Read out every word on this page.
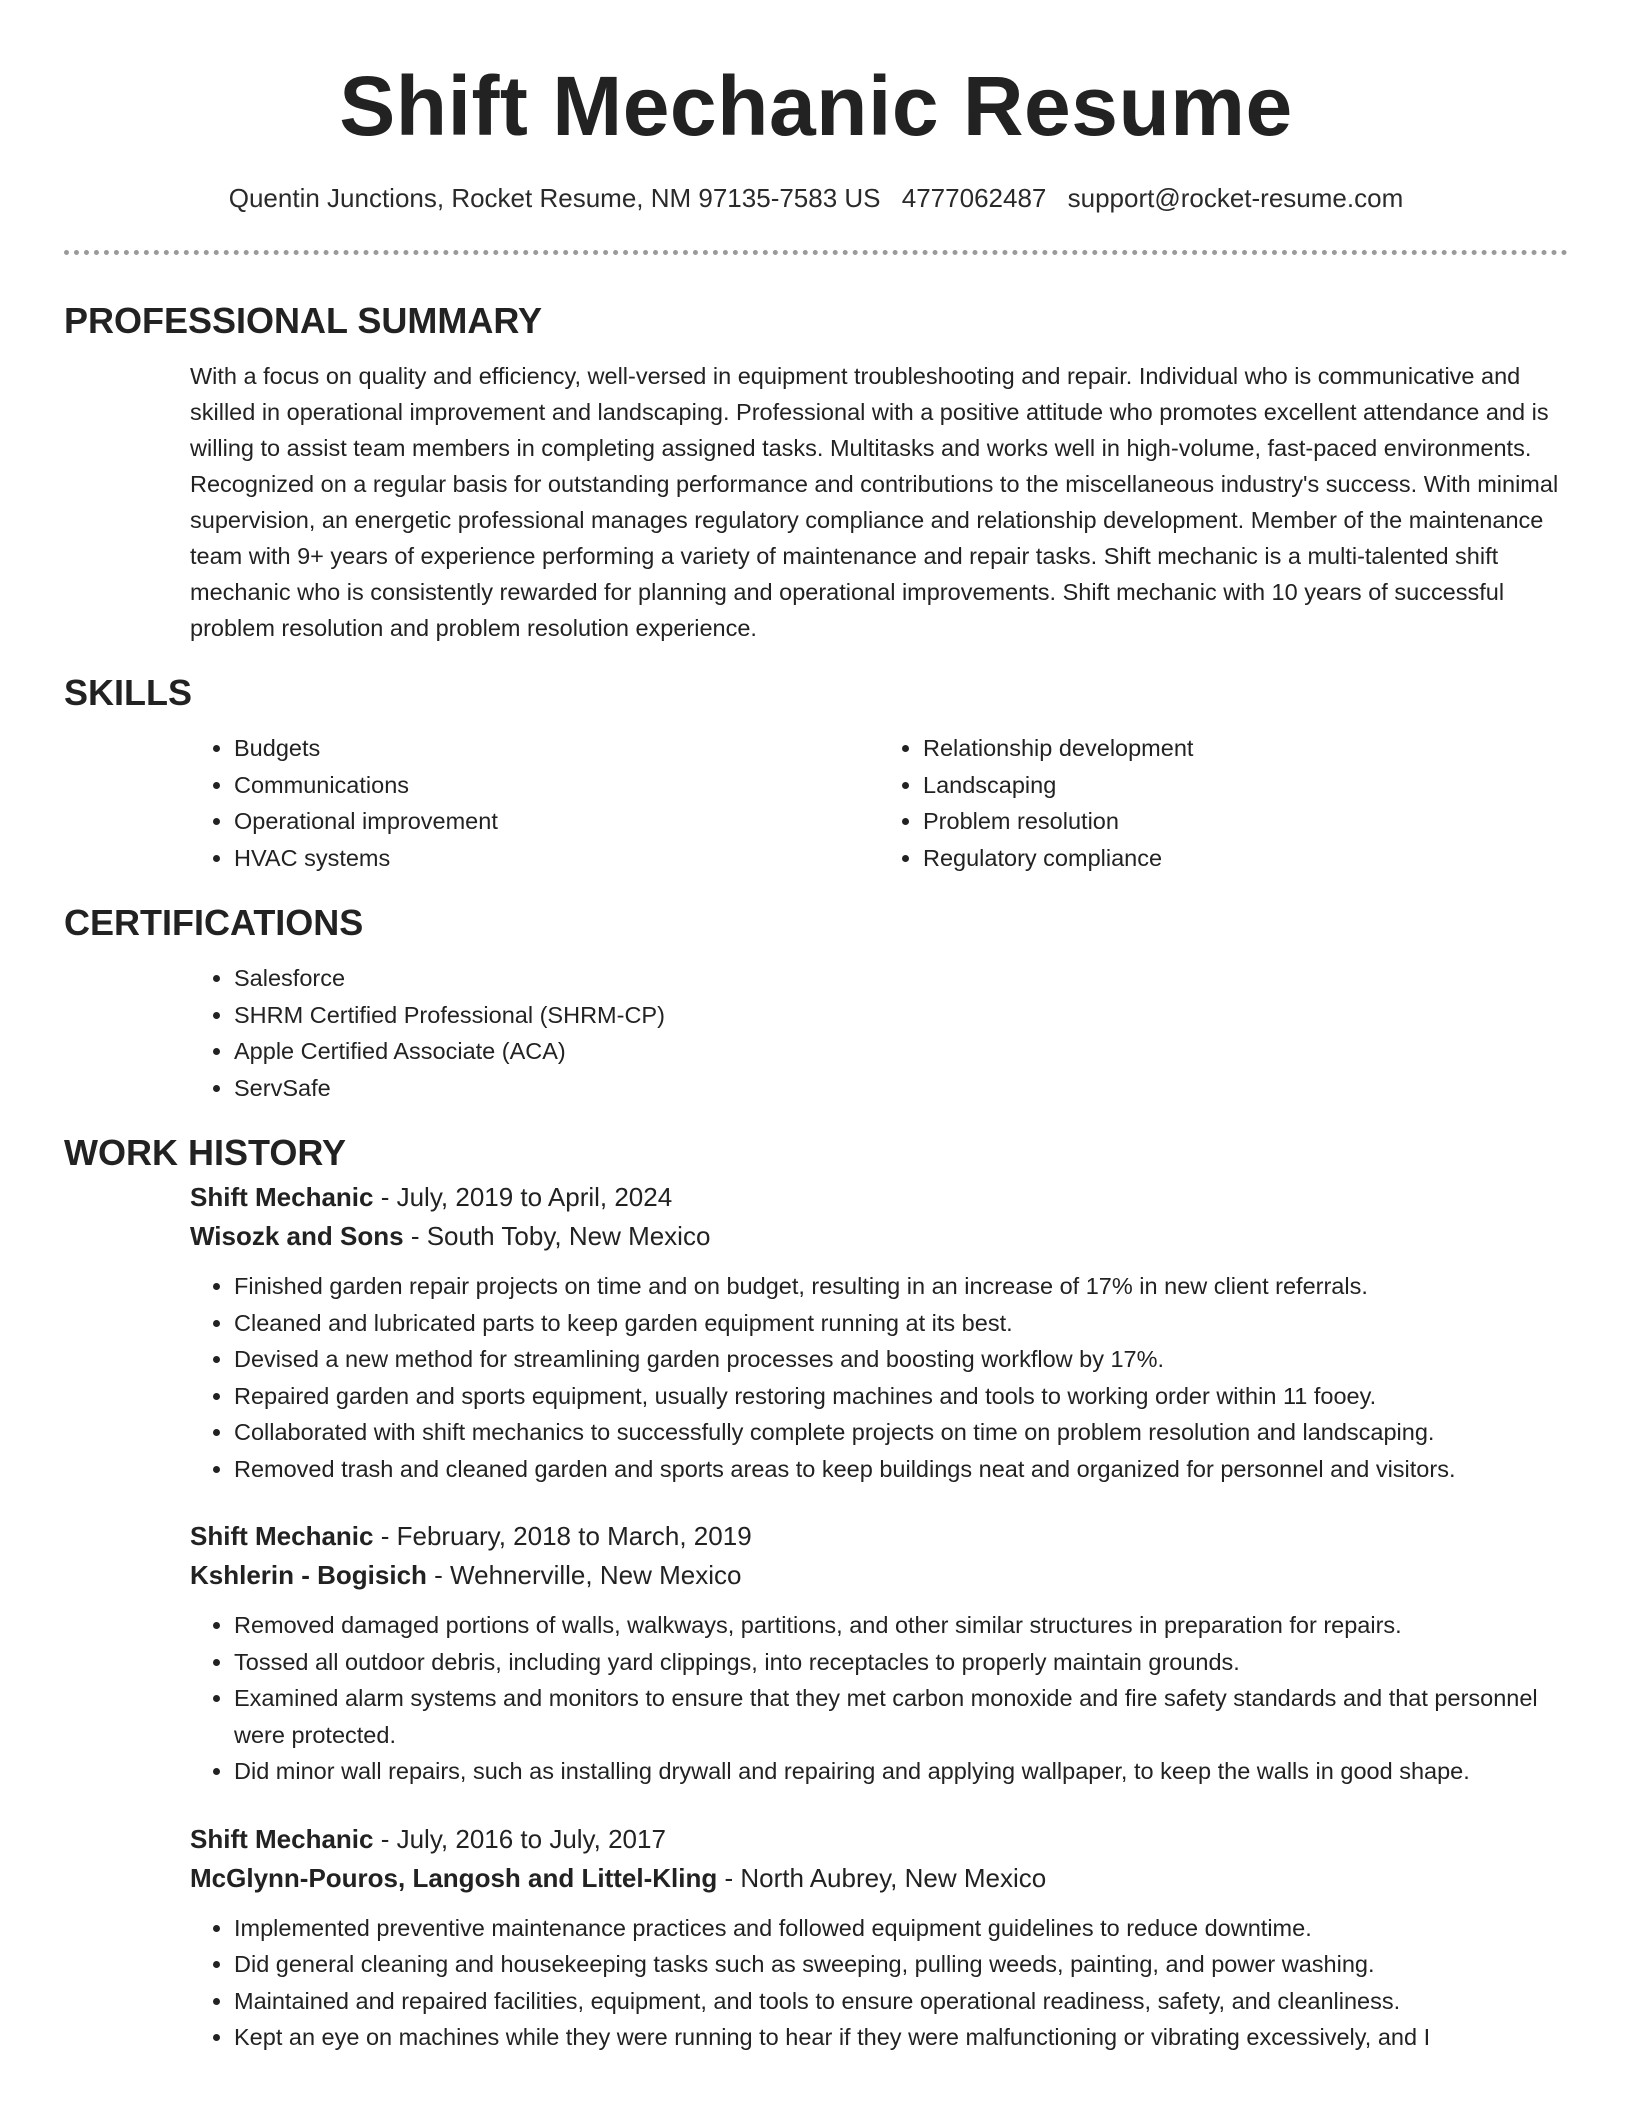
Shift Mechanic Resume
Quentin Junctions, Rocket Resume, NM 97135-7583 US 4777062487 support@rocket-resume.com
PROFESSIONAL SUMMARY

With a focus on quality and efficiency, well-versed in equipment troubleshooting and repair. Individual who is communicative and skilled in operational improvement and landscaping. Professional with a positive attitude who promotes excellent attendance and is willing to assist team members in completing assigned tasks. Multitasks and works well in high-volume, fast-paced environments. Recognized on a regular basis for outstanding performance and contributions to the miscellaneous industry's success. With minimal supervision, an energetic professional manages regulatory compliance and relationship development. Member of the maintenance team with 9+ years of experience performing a variety of maintenance and repair tasks. Shift mechanic is a multi-talented shift mechanic who is consistently rewarded for planning and operational improvements. Shift mechanic with 10 years of successful problem resolution and problem resolution experience.

SKILLS
• Budgets
• Communications
• Operational improvement
• HVAC systems
• Relationship development
• Landscaping
• Problem resolution
• Regulatory compliance
CERTIFICATIONS
• Salesforce
• SHRM Certified Professional (SHRM-CP)
• Apple Certified Associate (ACA)
• ServSafe
WORK HISTORY
Shift Mechanic - July, 2019 to April, 2024
Wisozk and Sons - South Toby, New Mexico
• Finished garden repair projects on time and on budget, resulting in an increase of 17% in new client referrals.
• Cleaned and lubricated parts to keep garden equipment running at its best.
• Devised a new method for streamlining garden processes and boosting workflow by 17%.
• Repaired garden and sports equipment, usually restoring machines and tools to working order within 11 fooey.
• Collaborated with shift mechanics to successfully complete projects on time on problem resolution and landscaping.
• Removed trash and cleaned garden and sports areas to keep buildings neat and organized for personnel and visitors.
Shift Mechanic - February, 2018 to March, 2019
Kshlerin - Bogisich - Wehnerville, New Mexico
• Removed damaged portions of walls, walkways, partitions, and other similar structures in preparation for repairs.
• Tossed all outdoor debris, including yard clippings, into receptacles to properly maintain grounds.
• Examined alarm systems and monitors to ensure that they met carbon monoxide and fire safety standards and that personnel were protected.
• Did minor wall repairs, such as installing drywall and repairing and applying wallpaper, to keep the walls in good shape.
Shift Mechanic - July, 2016 to July, 2017
McGlynn-Pouros, Langosh and Littel-Kling - North Aubrey, New Mexico
• Implemented preventive maintenance practices and followed equipment guidelines to reduce downtime.
• Did general cleaning and housekeeping tasks such as sweeping, pulling weeds, painting, and power washing.
• Maintained and repaired facilities, equipment, and tools to ensure operational readiness, safety, and cleanliness.
• Kept an eye on machines while they were running to hear if they were malfunctioning or vibrating excessively, and I
